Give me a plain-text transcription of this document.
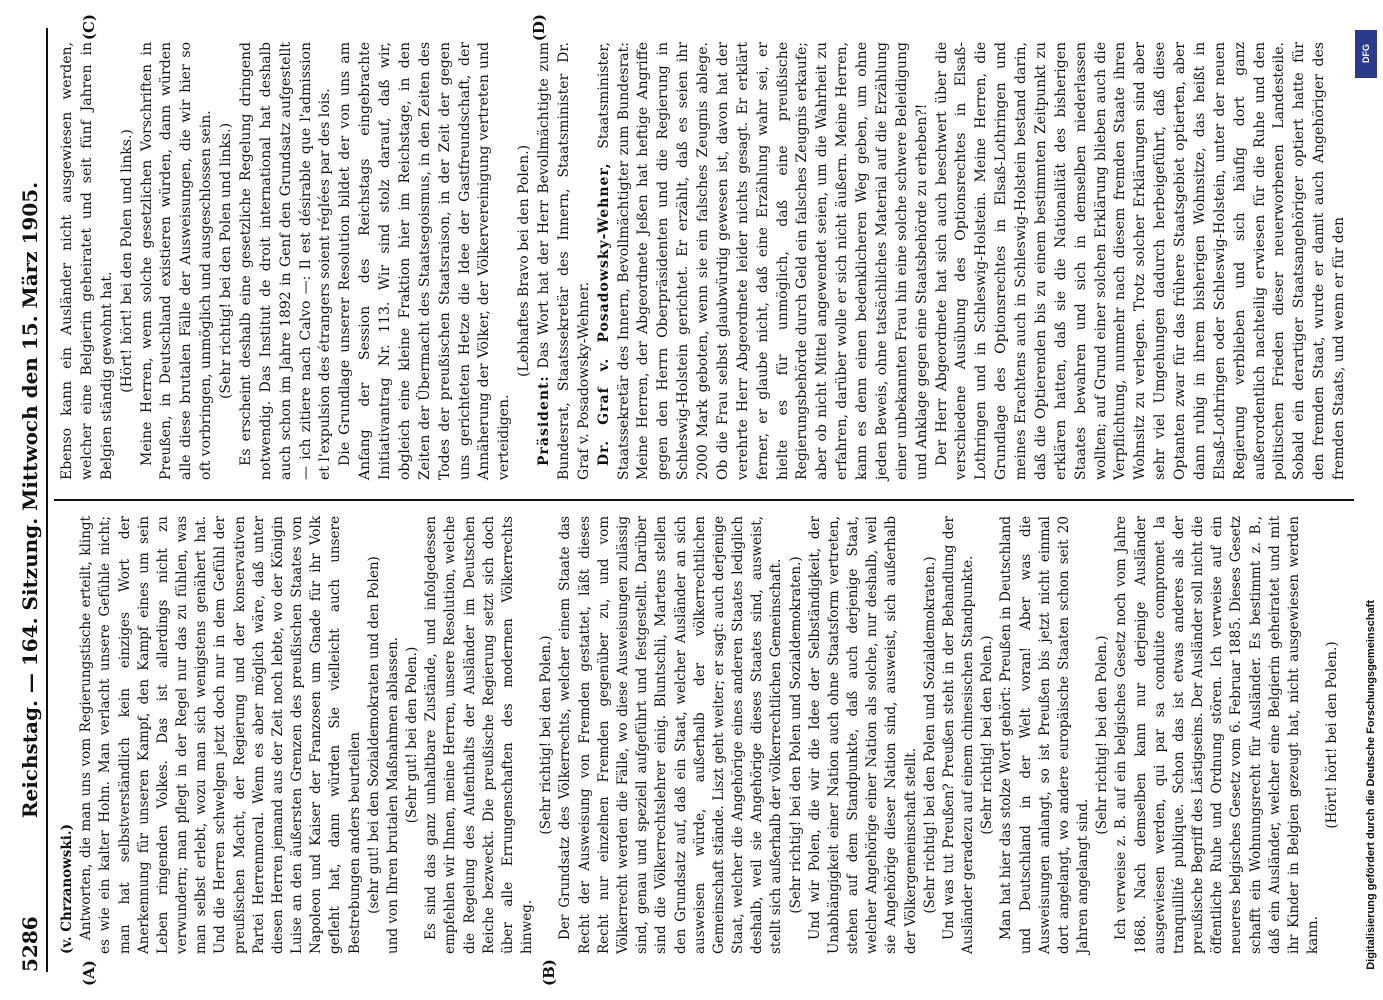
5286
Reichstag. — 164. Sitzung. Mittwoch den 15. März 1905.
(A)	(B)
(C)	(D)

(v. Chrzanowski.) Antworten, die man uns vom Regierungstische erteilt, klingt es wie ein kalter Hohn. Man verlacht unsere Gefühle nicht; man hat selbstverständlich kein einziges Wort der Anerkennung für unseren Kampf, den Kampf eines um sein Leben ringenden Volkes. Das ist allerdings nicht zu verwundern; man pflegt in der Regel nur das zu fühlen, was man selbst erlebt, wozu man sich wenigstens genähert hat. Und die Herren schwelgen jetzt doch nur in dem Gefühl der preußischen Macht, der Regierung und der konservativen Partei Herrenmoral. Wenn es aber möglich wäre, daß unter diesen Herren jemand aus der Zeit noch lebte, wo der Königin Luise an den äußersten Grenzen des preußischen Staates von Napoleon und Kaiser der Franzosen um Gnade für ihr Volk gefleht hat, dann würden Sie vielleicht auch unsere Bestrebungen anders beurteilen (sehr gut! bei den Sozialdemokraten und den Polen) und von Ihren brutalen Maßnahmen ablassen. (Sehr gut! bei den Polen.) Es sind das ganz unhaltbare Zustände, und infolgedessen empfehlen wir Ihnen, meine Herren, unsere Resolution, welche die Regelung des Aufenthalts der Ausländer im Deutschen Reiche bezweckt. Die preußische Regierung setzt sich doch über alle Errungenschaften des modernen Völkerrechts hinweg.

(Sehr richtig! bei den Polen.) Der Grundsatz des Völkerrechts, welcher einem Staate das Recht der Ausweisung von Fremden gestattet, läßt dieses Recht nur einzelnen Fremden gegenüber zu, und vom Völkerrecht werden die Fälle, wo diese Ausweisungen zulässig sind, genau und speziell aufgeführt und festgestellt. Darüber sind die Völkerrechtslehrer einig. Bluntschli, Martens stellen den Grundsatz auf, daß ein Staat, welcher Ausländer an sich ausweisen würde, außerhalb der völkerrechtlichen Gemeinschaft stände. Liszt geht weiter; er sagt: auch derjenige Staat, welcher die Angehörige eines anderen Staates lediglich deshalb, weil sie Angehörige dieses Staates sind, ausweist, stellt sich außerhalb der völkerrechtlichen Gemeinschaft. (Sehr richtig! bei den Polen und Sozialdemokraten.) Und wir Polen, die wir die Idee der Selbständigkeit, der Unabhängigkeit einer Nation auch ohne Staatsform vertreten, stehen auf dem Standpunkte, daß auch derjenige Staat, welcher Angehörige einer Nation als solche, nur deshalb, weil sie Angehörige dieser Nation sind, ausweist, sich außerhalb der Völkergemeinschaft stellt. (Sehr richtig! bei den Polen und Sozialdemokraten.) Und was tut Preußen? Preußen steht in der Behandlung der Ausländer geradezu auf einem chinesischen Standpunkte. (Sehr richtig! bei den Polen.) Man hat hier das stolze Wort gehört: Preußen in Deutschland und Deutschland in der Welt voran! Aber was die Ausweisungen anlangt, so ist Preußen bis jetzt nicht einmal dort angelangt, wo andere europäische Staaten schon seit 20 Jahren angelangt sind.

(Sehr richtig! bei den Polen.) Ich verweise z. B. auf ein belgisches Gesetz noch vom Jahre 1868. Nach demselben kann nur derjenige Ausländer ausgewiesen werden, qui par sa conduite compromet la tranquillité publique. Schon das ist etwas anderes als der preußische Begriff des Lästigseins. Der Ausländer soll nicht die öffentliche Ruhe und Ordnung stören. Ich verweise auf ein neueres belgisches Gesetz vom 6. Februar 1885. Dieses Gesetz schafft ein Wohnungsrecht für Ausländer. Es bestimmt z. B., daß ein Ausländer, welcher eine Belgierin geheiratet und mit ihr Kinder in Belgien gezeugt hat, nicht ausgewiesen werden kann.

(Hört! hört! bei den Polen.)

Ebenso kann ein Ausländer nicht ausgewiesen werden, welcher eine Belgierin geheiratet und seit fünf Jahren in Belgien ständig gewohnt hat. (Hört! hört! bei den Polen und links.) Meine Herren, wenn solche gesetzlichen Vorschriften in Preußen, in Deutschland existieren würden, dann würden alle diese brutalen Fälle der Ausweisungen, die wir hier so oft vorbringen, unmöglich und ausgeschlossen sein. (Sehr richtig! bei den Polen und links.) Es erscheint deshalb eine gesetzliche Regelung dringend notwendig. Das Institut de droit international hat deshalb auch schon im Jahre 1892 in Genf den Grundsatz aufgestellt — ich zitiere nach Calvo —: Il est désirable que l'admission et l'expulsion des étrangers soient réglées par des lois. Die Grundlage unserer Resolution bildet der von uns am Anfang der Session des Reichstags eingebrachte Initiativantrag Nr. 113. Wir sind stolz darauf, daß wir, obgleich eine kleine Fraktion hier im Reichstage, in den Zeiten der Übermacht des Staatsegoismus, in den Zeiten des Todes der preußischen Staatsraison, in der Zeit der gegen uns gerichteten Hetze die Idee der Gastfreundschaft, der Annäherung der Völker, der Völkervereinigung vertreten und verteidigen.

(Lebhaftes Bravo bei den Polen.)

Präsident: Das Wort hat der Herr Bevollmächtigte zum Bundesrat, Staatssekretär des Innern, Staatsminister Dr. Graf v. Posadowsky-Wehner. Dr. Graf v. Posadowsky-Wehner, Staatsminister, Staatssekretär des Innern, Bevollmächtigter zum Bundesrat: Meine Herren, der Abgeordnete Jeßen hat heftige Angriffe gegen den Herrn Oberpräsidenten und die Regierung in Schleswig-Holstein gerichtet. Er erzählt, daß es seien ihr 2000 Mark geboten, wenn sie ein falsches Zeugnis ablege. Ob die Frau selbst glaubwürdig gewesen ist, davon hat der verehrte Herr Abgeordnete leider nichts gesagt. Er erklärt ferner, er glaube nicht, daß eine Erzählung wahr sei, er hielte es für unmöglich, daß eine preußische Regierungsbehörde durch Geld ein falsches Zeugnis erkaufe; aber ob nicht Mittel angewendet seien, um die Wahrheit zu erfahren, darüber wolle er sich nicht äußern. Meine Herren, kann es denn einen bedenklicheren Weg geben, um ohne jeden Beweis, ohne tatsächliches Material auf die Erzählung einer unbekannten Frau hin eine solche schwere Beleidigung und Anklage gegen eine Staatsbehörde zu erheben?! Der Herr Abgeordnete hat sich auch beschwert über die verschiedene Ausübung des Optionsrechtes in Elsaß-Lothringen und in Schleswig-Holstein. Meine Herren, die Grundlage des Optionsrechtes in Elsaß-Lothringen und meines Erachtens auch in Schleswig-Holstein bestand darin, daß die Optierenden bis zu einem bestimmten Zeitpunkt zu erklären hatten, daß sie die Nationalität des bisherigen Staates bewahren und sich in demselben niederlassen wollten; auf Grund einer solchen Erklärung blieben auch die Verpflichtung, nunmehr nach diesem fremden Staate ihren Wohnsitz zu verlegen. Trotz solcher Erklärungen sind aber sehr viel Umgehungen dadurch herbeigeführt, daß diese Optanten zwar für das frühere Staatsgebiet optierten, aber dann ruhig in ihrem bisherigen Wohnsitze, das heißt in Elsaß-Lothringen oder Schleswig-Holstein, unter der neuen Regierung verblieben und sich häufig dort ganz außerordentlich nachteilig erwiesen für die Ruhe und den politischen Frieden dieser neuerworbenen Landesteile. Sobald ein derartiger Staatsangehöriger optiert hatte für den fremden Staat, wurde er damit auch Angehöriger des fremden Staats, und wenn er für den

DFG
Digitalisierung gefördert durch die Deutsche Forschungsgemeinschaft
